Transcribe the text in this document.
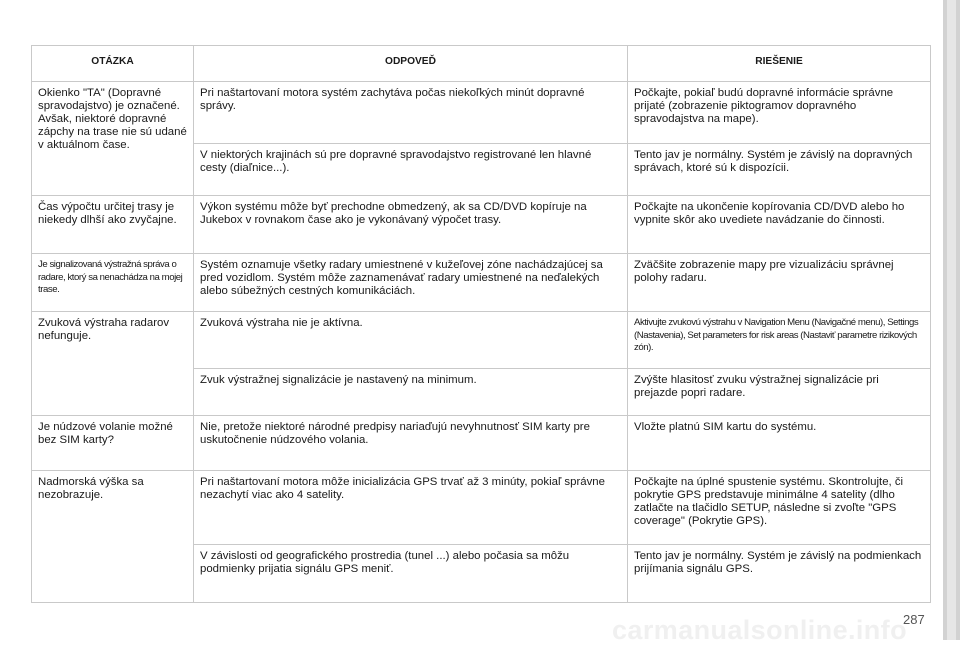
OTÁZKA	ODPOVEĎ	RIEŠENIE
Okienko "TA" (Dopravné spravodajstvo) je označené. Avšak, niektoré dopravné zápchy na trase nie sú udané v aktuálnom čase.	Pri naštartovaní motora systém zachytáva počas niekoľkých minút dopravné správy.	Počkajte, pokiaľ budú dopravné informácie správne prijaté (zobrazenie piktogramov dopravného spravodajstva na mape).
	V niektorých krajinách sú pre dopravné spravodajstvo registrované len hlavné cesty (diaľnice...).	Tento jav je normálny. Systém je závislý na dopravných správach, ktoré sú k dispozícii.
Čas výpočtu určitej trasy je niekedy dlhší ako zvyčajne.	Výkon systému môže byť prechodne obmedzený, ak sa CD/DVD kopíruje na Jukebox v rovnakom čase ako je vykonávaný výpočet trasy.	Počkajte na ukončenie kopírovania CD/DVD alebo ho vypnite skôr ako uvediete navádzanie do činnosti.
Je signalizovaná výstražná správa o radare, ktorý sa nenachádza na mojej trase.	Systém oznamuje všetky radary umiestnené v kužeľovej zóne nachádzajúcej sa pred vozidlom. Systém môže zaznamenávať radary umiestnené na neďalekých alebo súbežných cestných komunikáciách.	Zväčšite zobrazenie mapy pre vizualizáciu správnej polohy radaru.
Zvuková výstraha radarov nefunguje.	Zvuková výstraha nie je aktívna.	Aktivujte zvukovú výstrahu v Navigation Menu (Navigačné menu), Settings (Nastavenia), Set parameters for risk areas (Nastaviť parametre rizikových zón).
	Zvuk výstražnej signalizácie je nastavený na minimum.	Zvýšte hlasitosť zvuku výstražnej signalizácie pri prejazde popri radare.
Je núdzové volanie možné bez SIM karty?	Nie, pretože niektoré národné predpisy nariaďujú nevyhnutnosť SIM karty pre uskutočnenie núdzového volania.	Vložte platnú SIM kartu do systému.
Nadmorská výška sa nezobrazuje.	Pri naštartovaní motora môže inicializácia GPS trvať až 3 minúty, pokiaľ správne nezachytí viac ako 4 satelity.	Počkajte na úplné spustenie systému. Skontrolujte, či pokrytie GPS predstavuje minimálne 4 satelity (dlho zatlačte na tlačidlo SETUP, následne si zvoľte "GPS coverage" (Pokrytie GPS).
	V závislosti od geografického prostredia (tunel ...) alebo počasia sa môžu podmienky prijatia signálu GPS meniť.	Tento jav je normálny. Systém je závislý na podmienkach prijímania signálu GPS.
carmanualsonline.info
287
